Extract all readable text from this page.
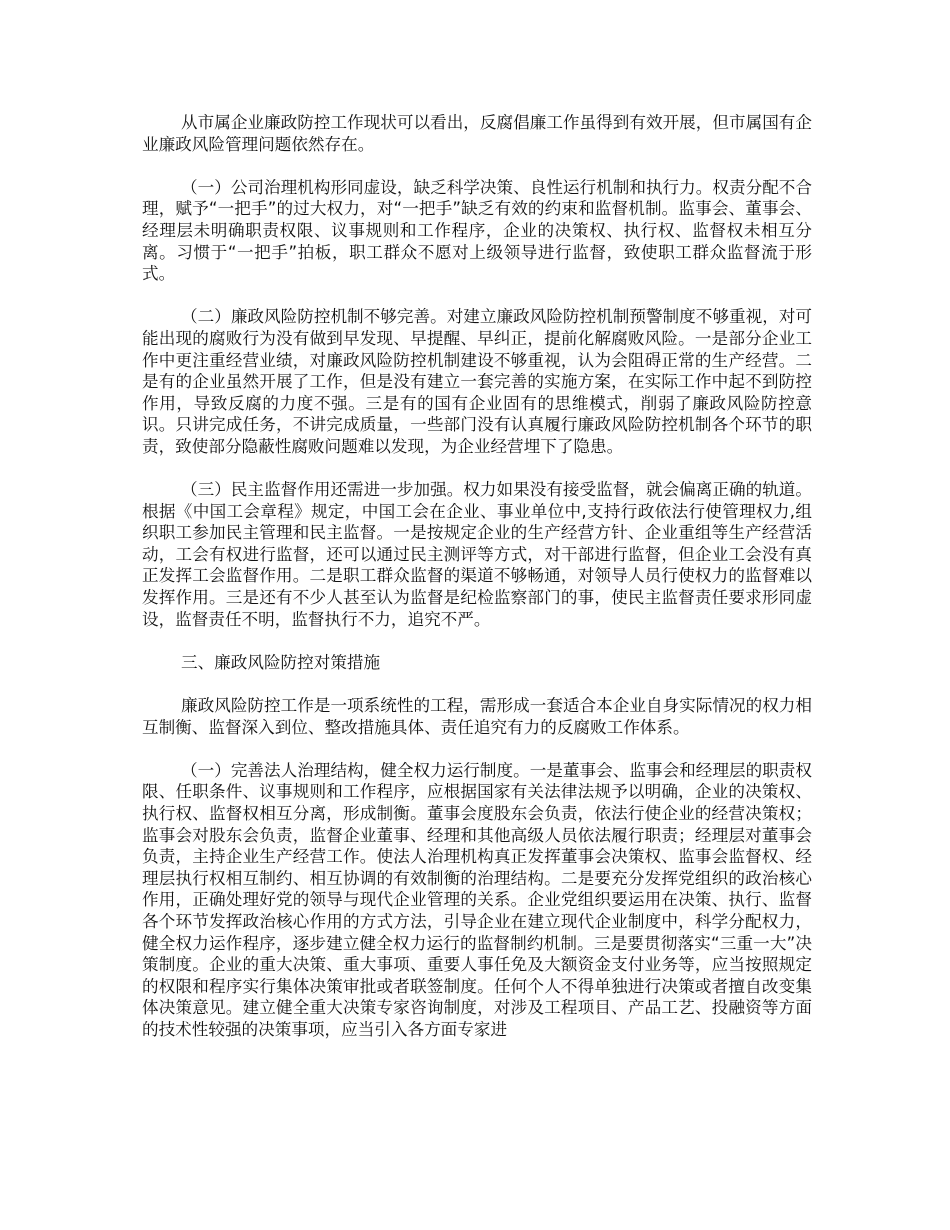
从市属企业廉政防控工作现状可以看出，反腐倡廉工作虽得到有效开展，但市属国有企业廉政风险管理问题依然存在。

（一）公司治理机构形同虚设，缺乏科学决策、良性运行机制和执行力。权责分配不合理，赋予“一把手”的过大权力，对“一把手”缺乏有效的约束和监督机制。监事会、董事会、经理层未明确职责权限、议事规则和工作程序，企业的决策权、执行权、监督权未相互分离。习惯于“一把手”拍板，职工群众不愿对上级领导进行监督，致使职工群众监督流于形式。

（二）廉政风险防控机制不够完善。对建立廉政风险防控机制预警制度不够重视，对可能出现的腐败行为没有做到早发现、早提醒、早纠正，提前化解腐败风险。一是部分企业工作中更注重经营业绩，对廉政风险防控机制建设不够重视，认为会阻碍正常的生产经营。二是有的企业虽然开展了工作，但是没有建立一套完善的实施方案，在实际工作中起不到防控作用，导致反腐的力度不强。三是有的国有企业固有的思维模式，削弱了廉政风险防控意识。只讲完成任务，不讲完成质量，一些部门没有认真履行廉政风险防控机制各个环节的职责，致使部分隐蔽性腐败问题难以发现，为企业经营埋下了隐患。

（三）民主监督作用还需进一步加强。权力如果没有接受监督，就会偏离正确的轨道。根据《中国工会章程》规定，中国工会在企业、事业单位中,支持行政依法行使管理权力,组织职工参加民主管理和民主监督。一是按规定企业的生产经营方针、企业重组等生产经营活动，工会有权进行监督，还可以通过民主测评等方式，对干部进行监督，但企业工会没有真正发挥工会监督作用。二是职工群众监督的渠道不够畅通，对领导人员行使权力的监督难以发挥作用。三是还有不少人甚至认为监督是纪检监察部门的事，使民主监督责任要求形同虚设，监督责任不明，监督执行不力，追究不严。

三、廉政风险防控对策措施

廉政风险防控工作是一项系统性的工程，需形成一套适合本企业自身实际情况的权力相互制衡、监督深入到位、整改措施具体、责任追究有力的反腐败工作体系。

（一）完善法人治理结构，健全权力运行制度。一是董事会、监事会和经理层的职责权限、任职条件、议事规则和工作程序，应根据国家有关法律法规予以明确，企业的决策权、执行权、监督权相互分离，形成制衡。董事会度股东会负责，依法行使企业的经营决策权；监事会对股东会负责，监督企业董事、经理和其他高级人员依法履行职责；经理层对董事会负责，主持企业生产经营工作。使法人治理机构真正发挥董事会决策权、监事会监督权、经理层执行权相互制约、相互协调的有效制衡的治理结构。二是要充分发挥党组织的政治核心作用，正确处理好党的领导与现代企业管理的关系。企业党组织要运用在决策、执行、监督各个环节发挥政治核心作用的方式方法，引导企业在建立现代企业制度中，科学分配权力，健全权力运作程序，逐步建立健全权力运行的监督制约机制。三是要贯彻落实“三重一大”决策制度。企业的重大决策、重大事项、重要人事任免及大额资金支付业务等，应当按照规定的权限和程序实行集体决策审批或者联签制度。任何个人不得单独进行决策或者擅自改变集体决策意见。建立健全重大决策专家咨询制度，对涉及工程项目、产品工艺、投融资等方面的技术性较强的决策事项，应当引入各方面专家进
